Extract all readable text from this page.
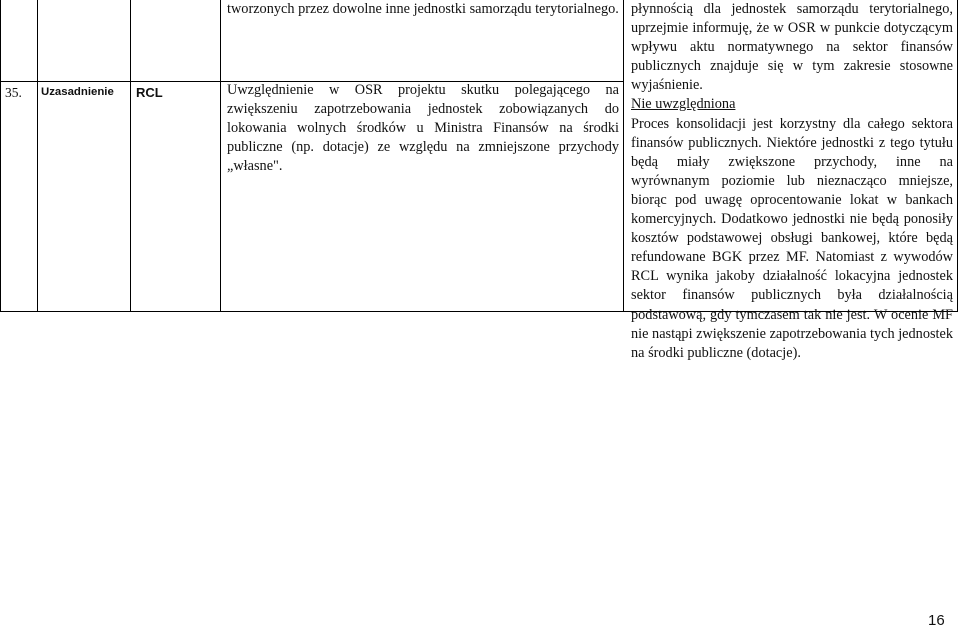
tworzonych przez dowolne inne jednostki samorządu terytorialnego.
35. Uzasadnienie RCL	Uwzględnienie w OSR projektu skutku polegającego na zwiększeniu zapotrzebowania jednostek zobowiązanych do lokowania wolnych środków u Ministra Finansów na środki publiczne (np. dotacje) ze względu na zmniejszone przychody „własne".
płynnością dla jednostek samorządu terytorialnego, uprzejmie informuję, że w OSR w punkcie dotyczącym wpływu aktu normatywnego na sektor finansów publicznych znajduje się w tym zakresie stosowne wyjaśnienie.
Nie uwzględniona
Proces konsolidacji jest korzystny dla całego sektora finansów publicznych. Niektóre jednostki z tego tytułu będą miały zwiększone przychody, inne na wyrównanym poziomie lub nieznacząco mniejsze, biorąc pod uwagę oprocentowanie lokat w bankach komercyjnych. Dodatkowo jednostki nie będą ponosiły kosztów podstawowej obsługi bankowej, które będą refundowane BGK przez MF. Natomiast z wywodów RCL wynika jakoby działalność lokacyjna jednostek sektor finansów publicznych była działalnością podstawową, gdy tymczasem tak nie jest. W ocenie MF nie nastąpi zwiększenie zapotrzebowania tych jednostek na środki publiczne (dotacje).
16
